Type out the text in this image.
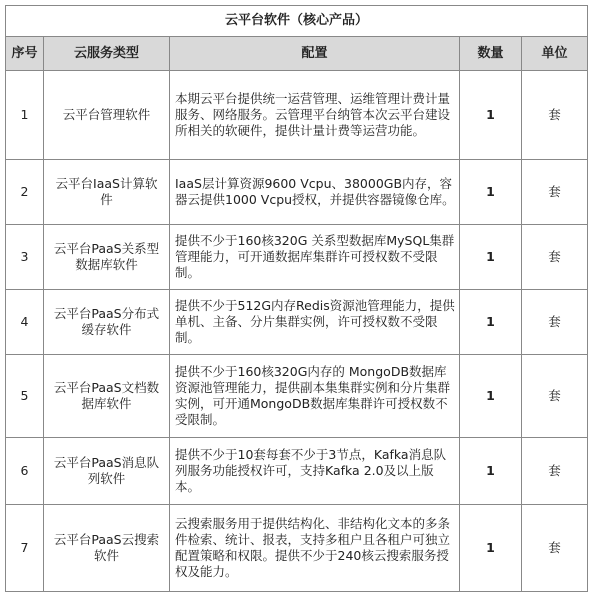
云平台软件（核心产品）				
序号	云服务类型	配置	数量	单位
1	云平台管理软件	本期云平台提供统一运营管理、运维管理计费计量服务、网络服务。云管理平台纳管本次云平台建设所相关的软硬件，提供计量计费等运营功能。	1	套
2	云平台IaaS计算软件	IaaS层计算资源9600 Vcpu、38000GB内存，容器云提供1000 Vcpu授权，并提供容器镜像仓库。	1	套
3	云平台PaaS关系型数据库软件	提供不少于160核320G 关系型数据库MySQL集群管理能力，可开通数据库集群许可授权数不受限制。	1	套
4	云平台PaaS分布式缓存软件	提供不少于512G内存Redis资源池管理能力，提供单机、主备、分片集群实例，许可授权数不受限制。	1	套
5	云平台PaaS文档数据库软件	提供不少于160核320G内存的 MongoDB数据库资源池管理能力，提供副本集集群实例和分片集群实例，可开通MongoDB数据库集群许可授权数不受限制。	1	套
6	云平台PaaS消息队列软件	提供不少于10套每套不少于3节点，Kafka消息队列服务功能授权许可，支持Kafka 2.0及以上版本。	1	套
7	云平台PaaS云搜索软件	云搜索服务用于提供结构化、非结构化文本的多条件检索、统计、报表，支持多租户且各租户可独立配置策略和权限。提供不少于240核云搜索服务授权及能力。	1	套
